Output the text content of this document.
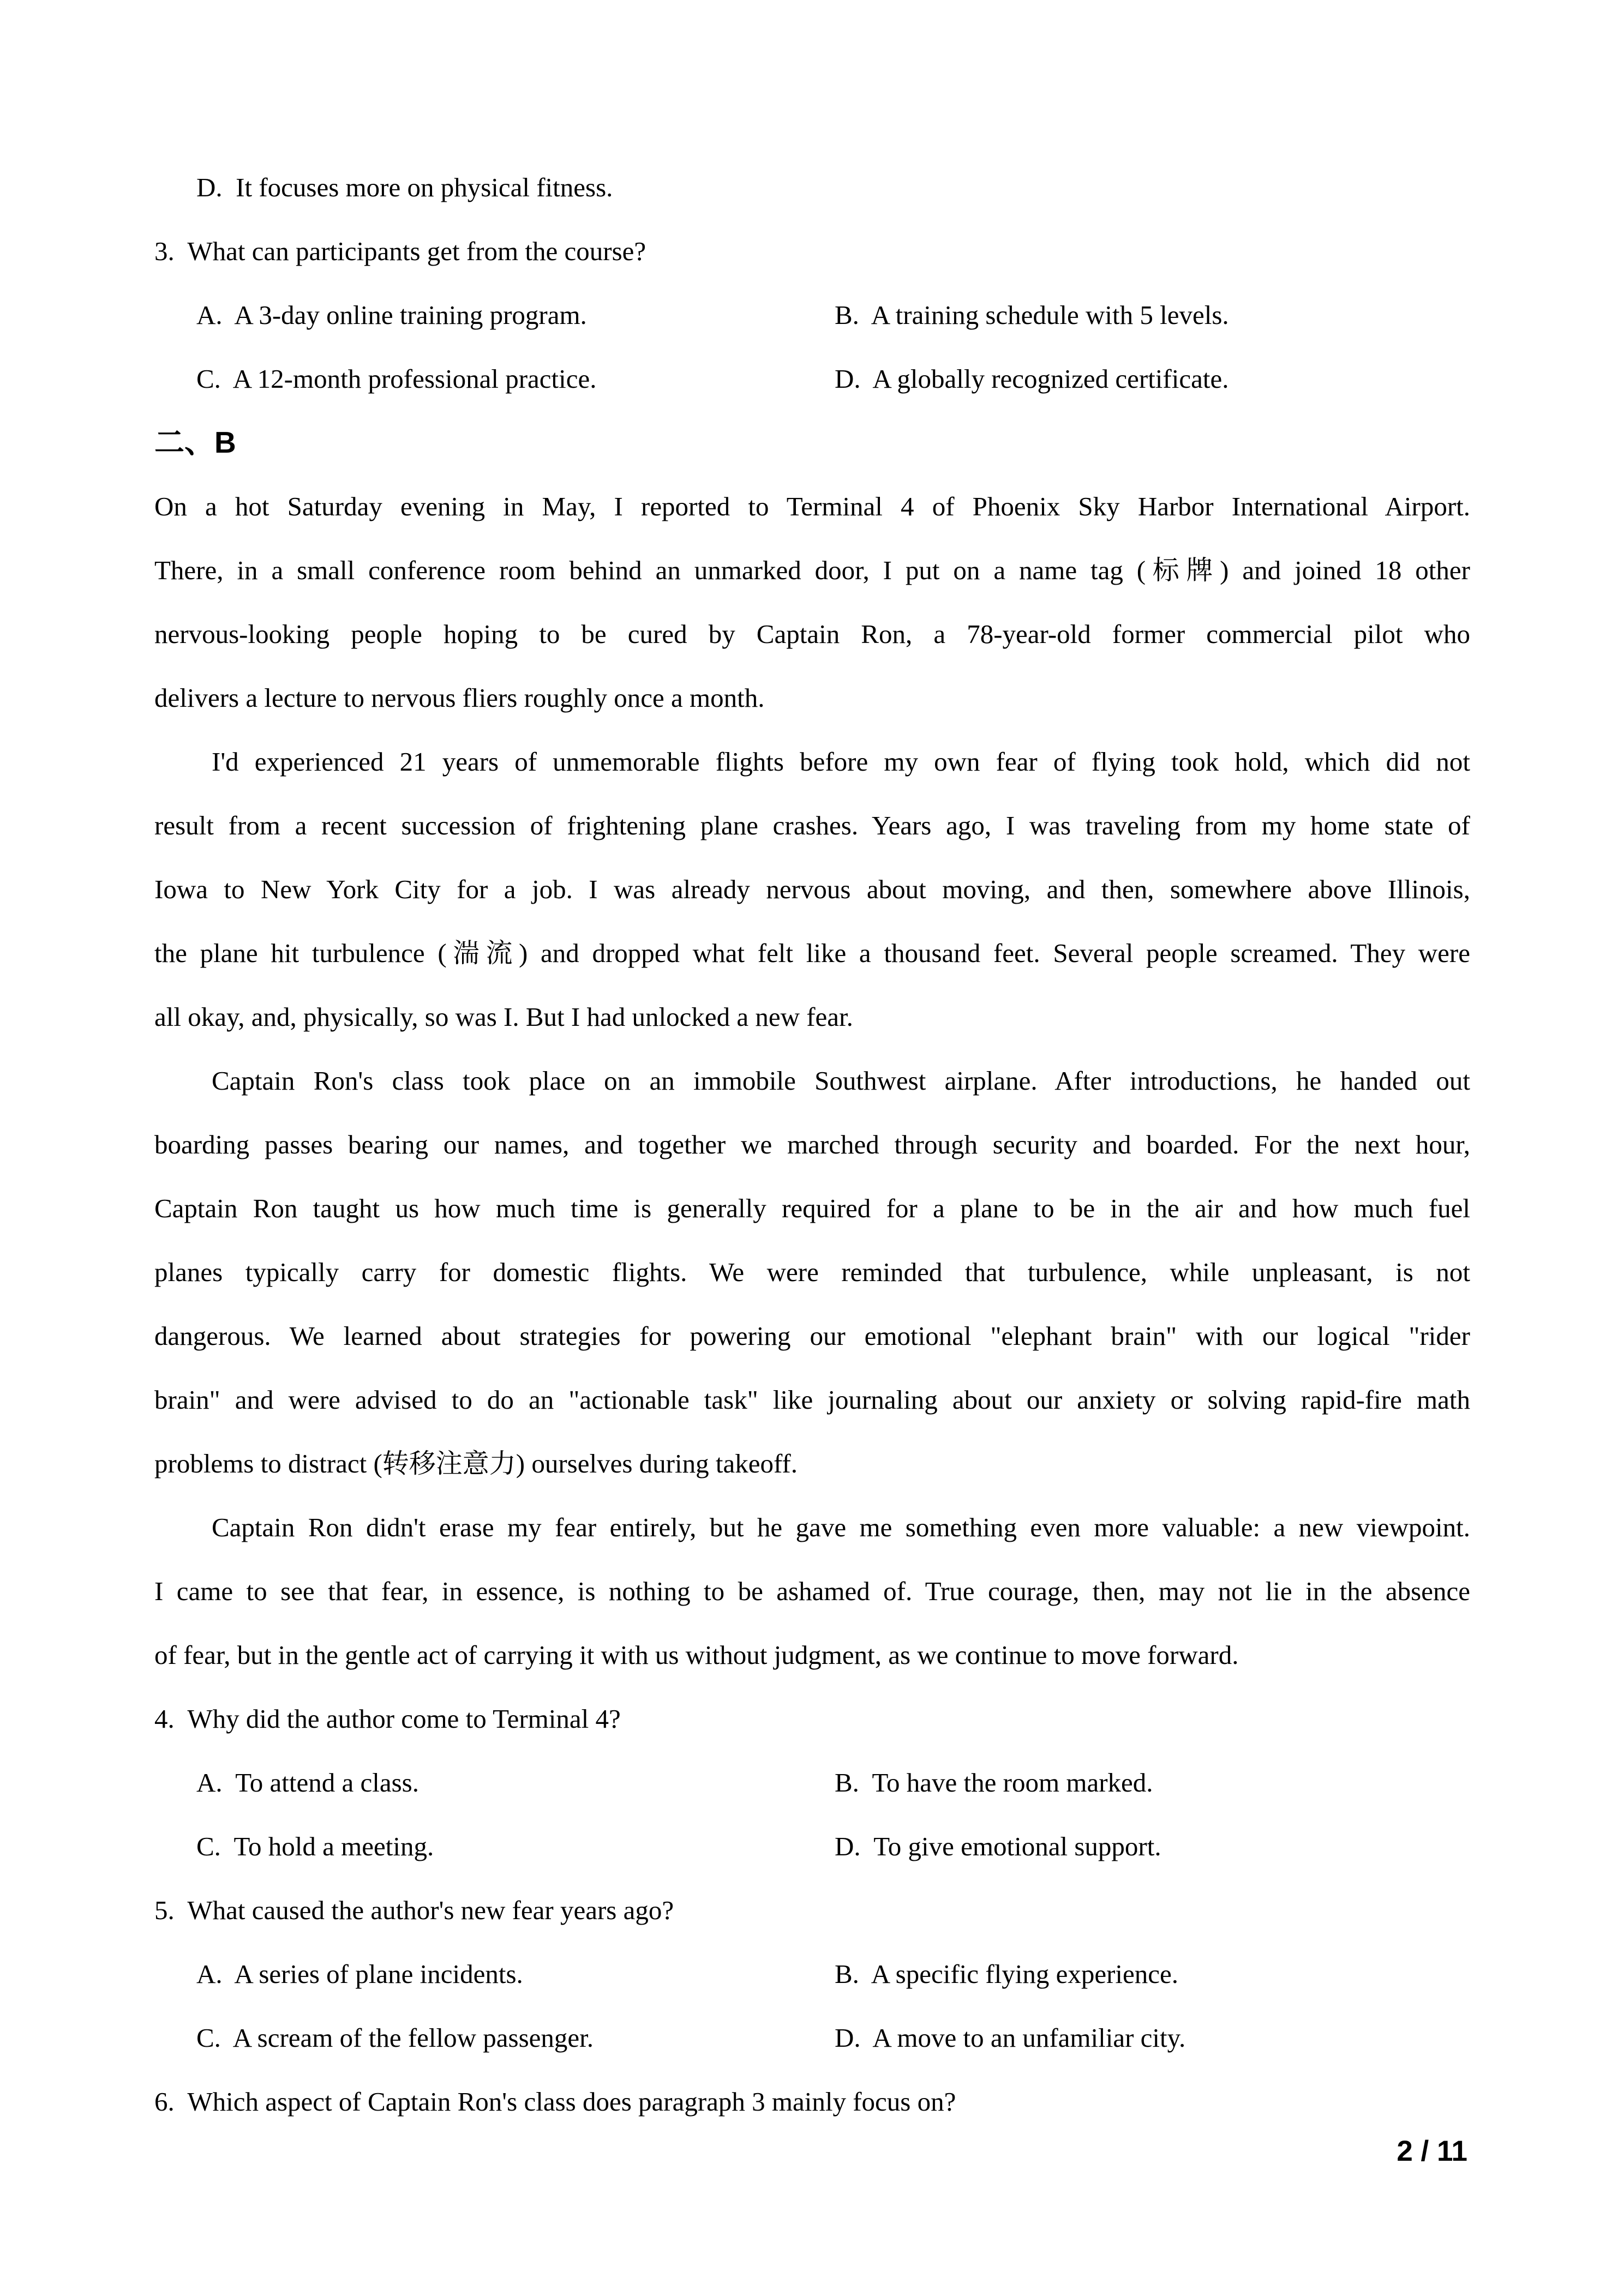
D.  It focuses more on physical fitness.
3.  What can participants get from the course?
A.  A 3-day online training program.	B.  A training schedule with 5 levels.
C.  A 12-month professional practice.	D.  A globally recognized certificate.
二、B
On a hot Saturday evening in May, I reported to Terminal 4 of Phoenix Sky Harbor International Airport.
There, in a small conference room behind an unmarked door, I put on a name tag (标牌) and joined 18 other
nervous-looking people hoping to be cured by Captain Ron, a 78-year-old former commercial pilot who
delivers a lecture to nervous fliers roughly once a month.
I'd experienced 21 years of unmemorable flights before my own fear of flying took hold, which did not
result from a recent succession of frightening plane crashes. Years ago, I was traveling from my home state of
Iowa to New York City for a job. I was already nervous about moving, and then, somewhere above Illinois,
the plane hit turbulence (湍流) and dropped what felt like a thousand feet. Several people screamed. They were
all okay, and, physically, so was I. But I had unlocked a new fear.
Captain Ron's class took place on an immobile Southwest airplane. After introductions, he handed out
boarding passes bearing our names, and together we marched through security and boarded. For the next hour,
Captain Ron taught us how much time is generally required for a plane to be in the air and how much fuel
planes typically carry for domestic flights. We were reminded that turbulence, while unpleasant, is not
dangerous. We learned about strategies for powering our emotional "elephant brain" with our logical "rider
brain" and were advised to do an "actionable task" like journaling about our anxiety or solving rapid-fire math
problems to distract (转移注意力) ourselves during takeoff.
Captain Ron didn't erase my fear entirely, but he gave me something even more valuable: a new viewpoint.
I came to see that fear, in essence, is nothing to be ashamed of. True courage, then, may not lie in the absence
of fear, but in the gentle act of carrying it with us without judgment, as we continue to move forward.
4.  Why did the author come to Terminal 4?
A.  To attend a class.	B.  To have the room marked.
C.  To hold a meeting.	D.  To give emotional support.
5.  What caused the author's new fear years ago?
A.  A series of plane incidents.	B.  A specific flying experience.
C.  A scream of the fellow passenger.	D.  A move to an unfamiliar city.
6.  Which aspect of Captain Ron's class does paragraph 3 mainly focus on?
2 / 11
